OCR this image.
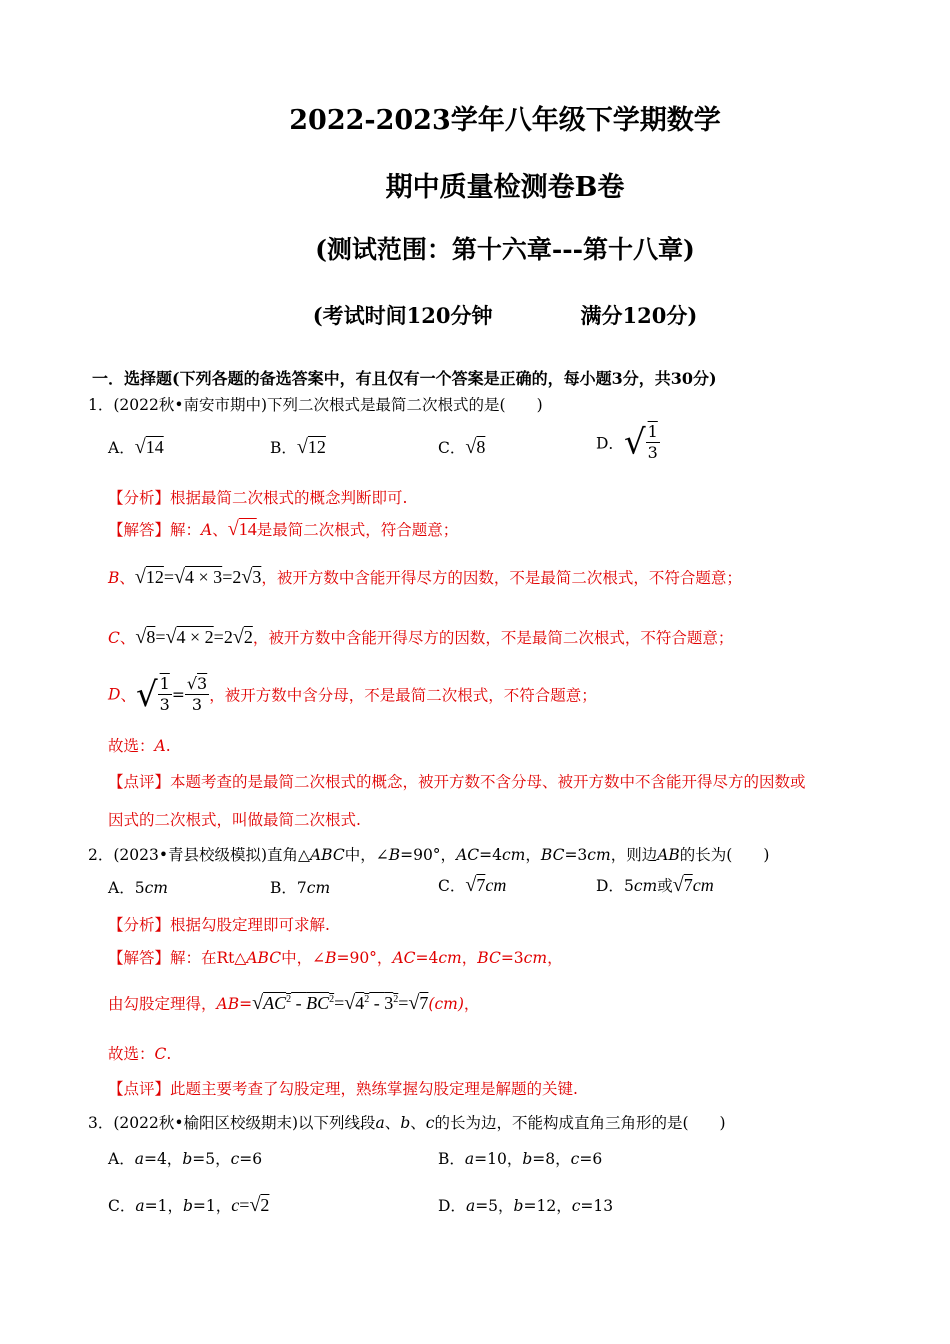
2022-2023学年八年级下学期数学
期中质量检测卷B卷
(测试范围：第十六章---第十八章)
(考试时间120分钟	满分120分)
一．选择题(下列各题的备选答案中，有且仅有一个答案是正确的，每小题3分，共30分)
1．(2022秋•南安市期中)下列二次根式是最简二次根式的是(　　)
A．√14	B．√12	C．√8	D．√ $\frac{1}{3}$
【分析】根据最简二次根式的概念判断即可.
【解答】解：A、√14是最简二次根式，符合题意；
B、√12=√4 × 3=2√3，被开方数中含能开得尽方的因数，不是最简二次根式，不符合题意；
C、√8=√4 × 2=2√2，被开方数中含能开得尽方的因数，不是最简二次根式，不符合题意；
D、√ $\frac{1}{3} = \frac{√3}{3}$ ，被开方数中含分母，不是最简二次根式，不符合题意；
故选：A.
【点评】本题考查的是最简二次根式的概念，被开方数不含分母、被开方数中不含能开得尽方的因数或
因式的二次根式，叫做最简二次根式.
2．(2023•青县校级模拟)直角△ABC中，∠B=90°，AC=4cm，BC=3cm，则边AB的长为(　　)
A．5cm	B．7cm	C．√7cm	D．5cm或√7cm
【分析】根据勾股定理即可求解.
【解答】解：在Rt△ABC中，∠B=90°，AC=4cm，BC=3cm，
由勾股定理得，$AB=√AC^2 - BC^2=√4^2 - 3^2=√7(cm)$，
故选：C.
【点评】此题主要考查了勾股定理，熟练掌握勾股定理是解题的关键.
3．(2022秋•榆阳区校级期末)以下列线段a、b、c的长为边，不能构成直角三角形的是(　　)
A．a=4，b=5，c=6	B．a=10，b=8，c=6
C．a=1，b=1，c=√2	D．a=5，b=12，c=13
